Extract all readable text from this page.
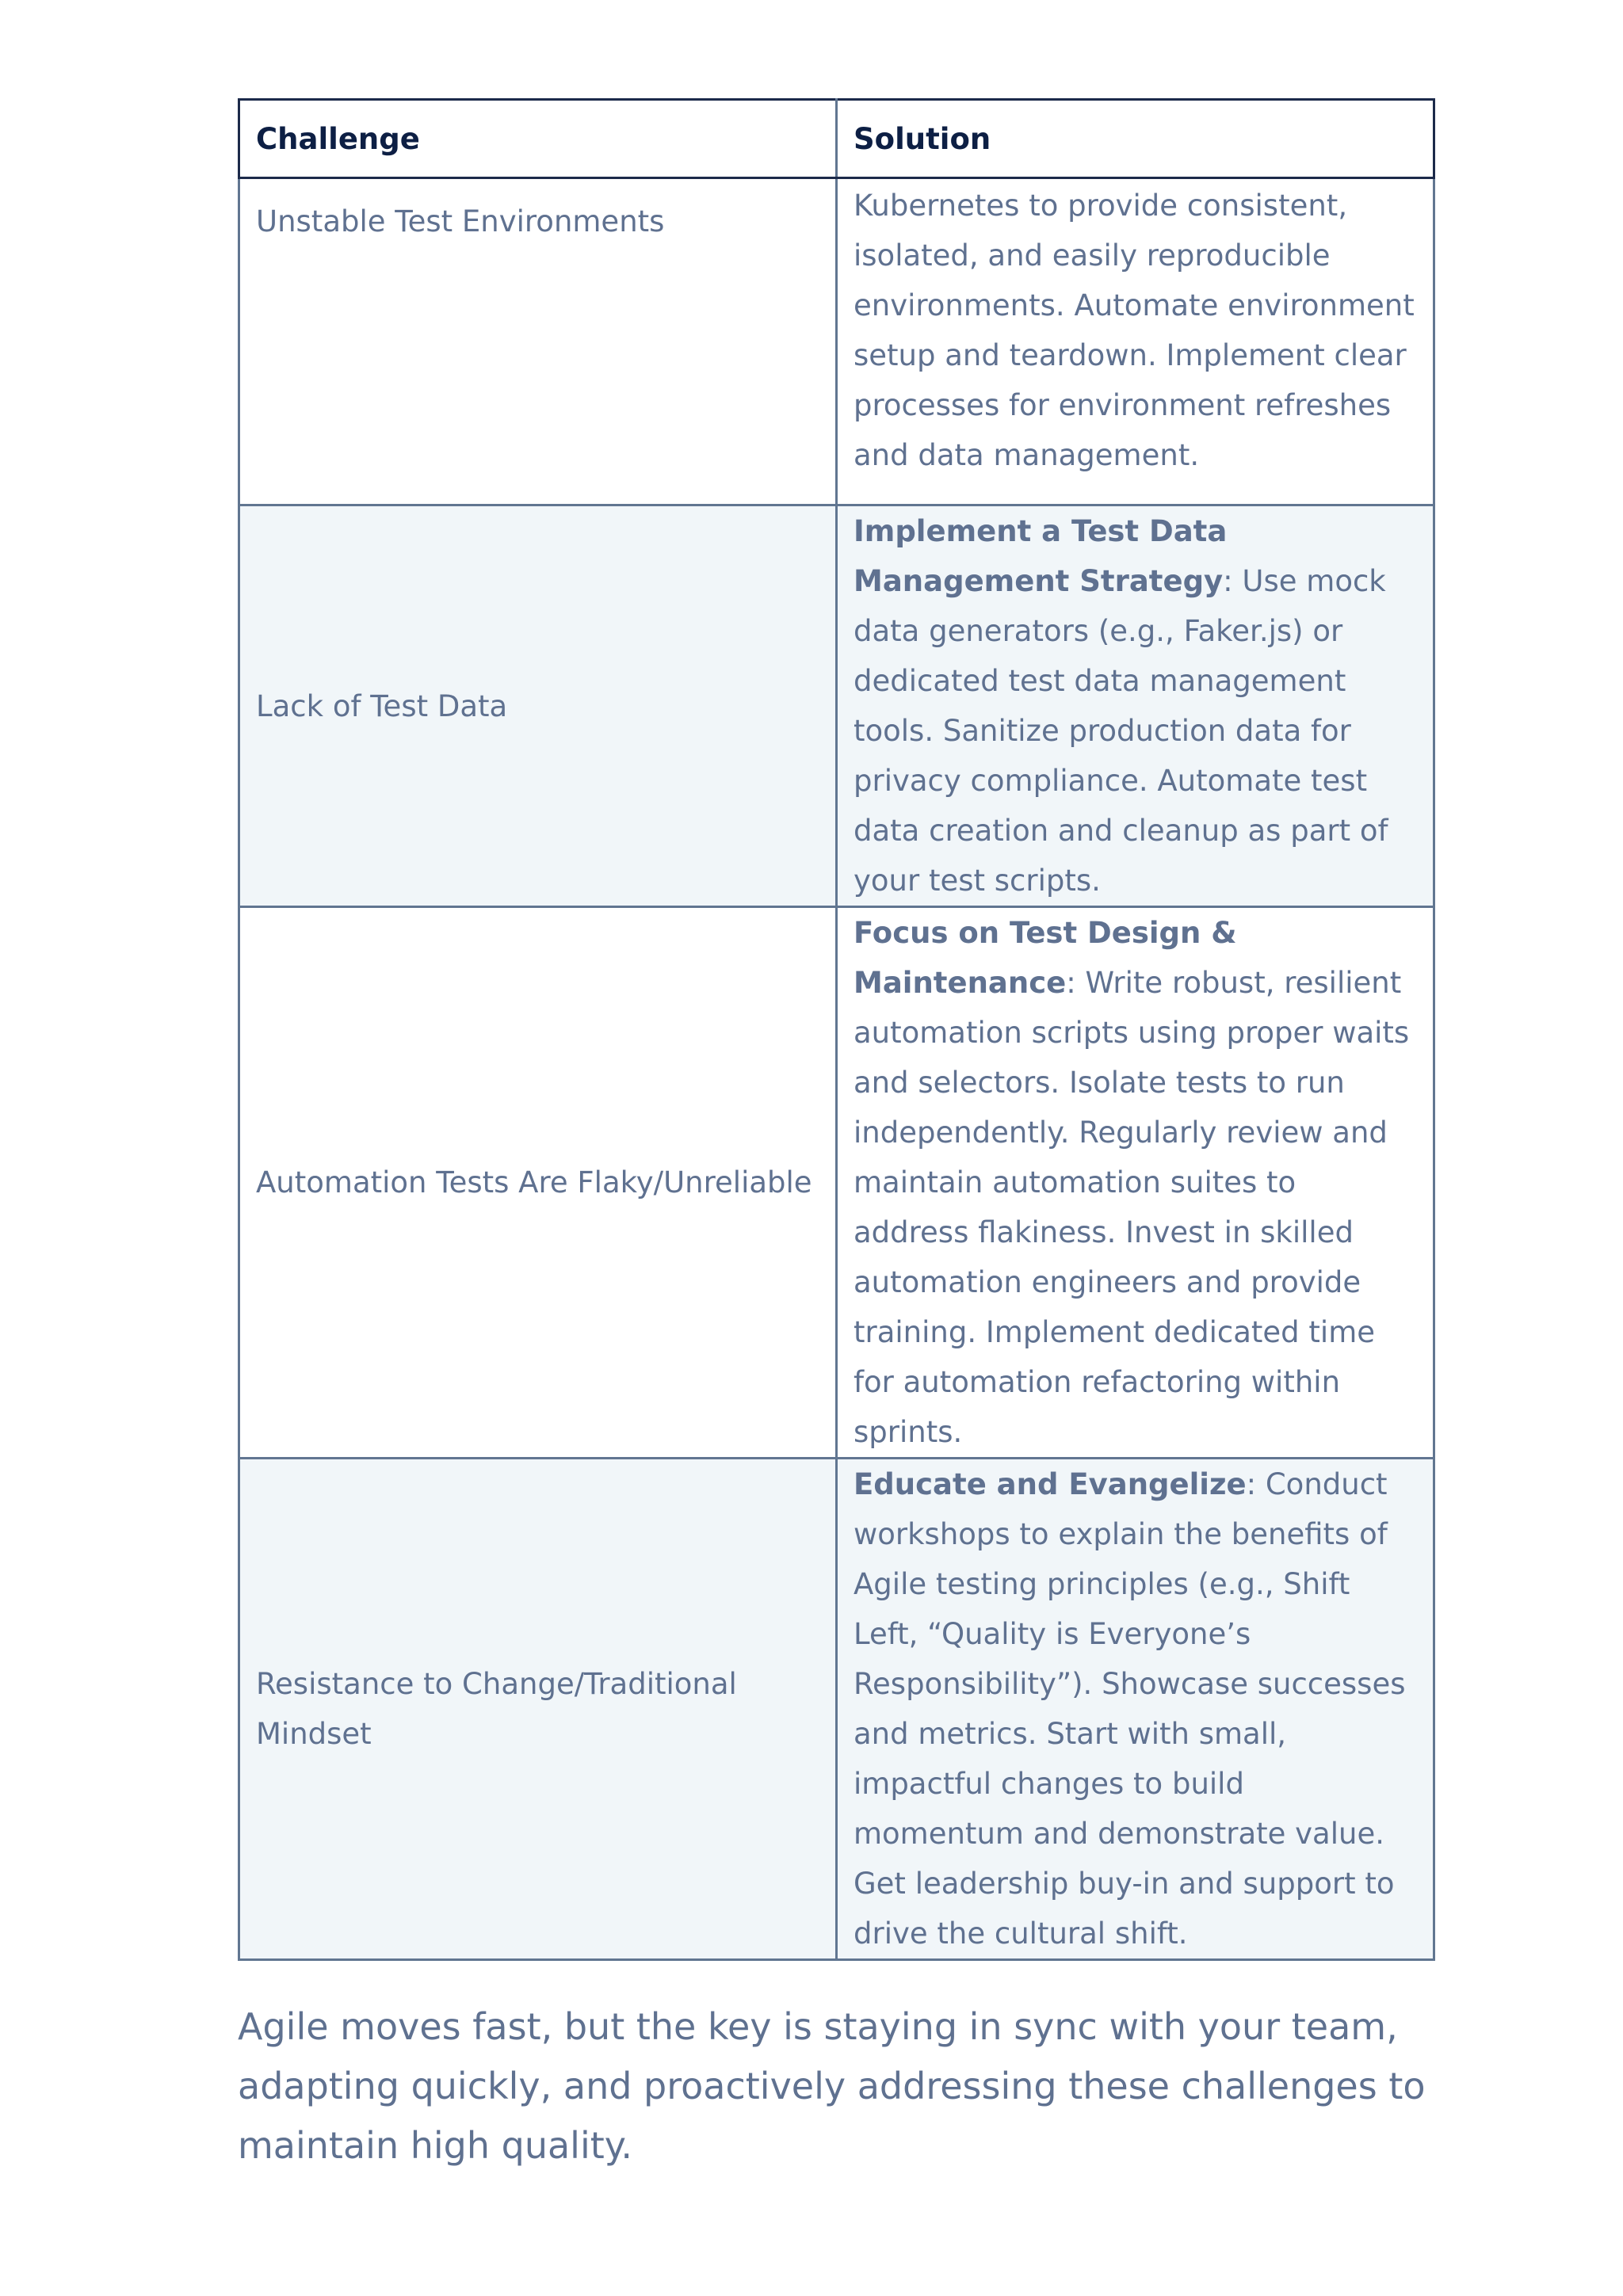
Challenge	Solution
Unstable Test Environments	Kubernetes to provide consistent, isolated, and easily reproducible environments. Automate environment setup and teardown. Implement clear processes for environment refreshes and data management.

Lack of Test Data	Implement a Test Data Management Strategy: Use mock data generators (e.g., Faker.js) or dedicated test data management tools. Sanitize production data for privacy compliance. Automate test data creation and cleanup as part of your test scripts.

Automation Tests Are Flaky/Unreliable	Focus on Test Design & Maintenance: Write robust, resilient automation scripts using proper waits and selectors. Isolate tests to run independently. Regularly review and maintain automation suites to address flakiness. Invest in skilled automation engineers and provide training. Implement dedicated time for automation refactoring within sprints.

Resistance to Change/Traditional Mindset	Educate and Evangelize: Conduct workshops to explain the benefits of Agile testing principles (e.g., Shift Left, “Quality is Everyone’s Responsibility”). Showcase successes and metrics. Start with small, impactful changes to build momentum and demonstrate value. Get leadership buy-in and support to drive the cultural shift.

Agile moves fast, but the key is staying in sync with your team, adapting quickly, and proactively addressing these challenges to maintain high quality.
